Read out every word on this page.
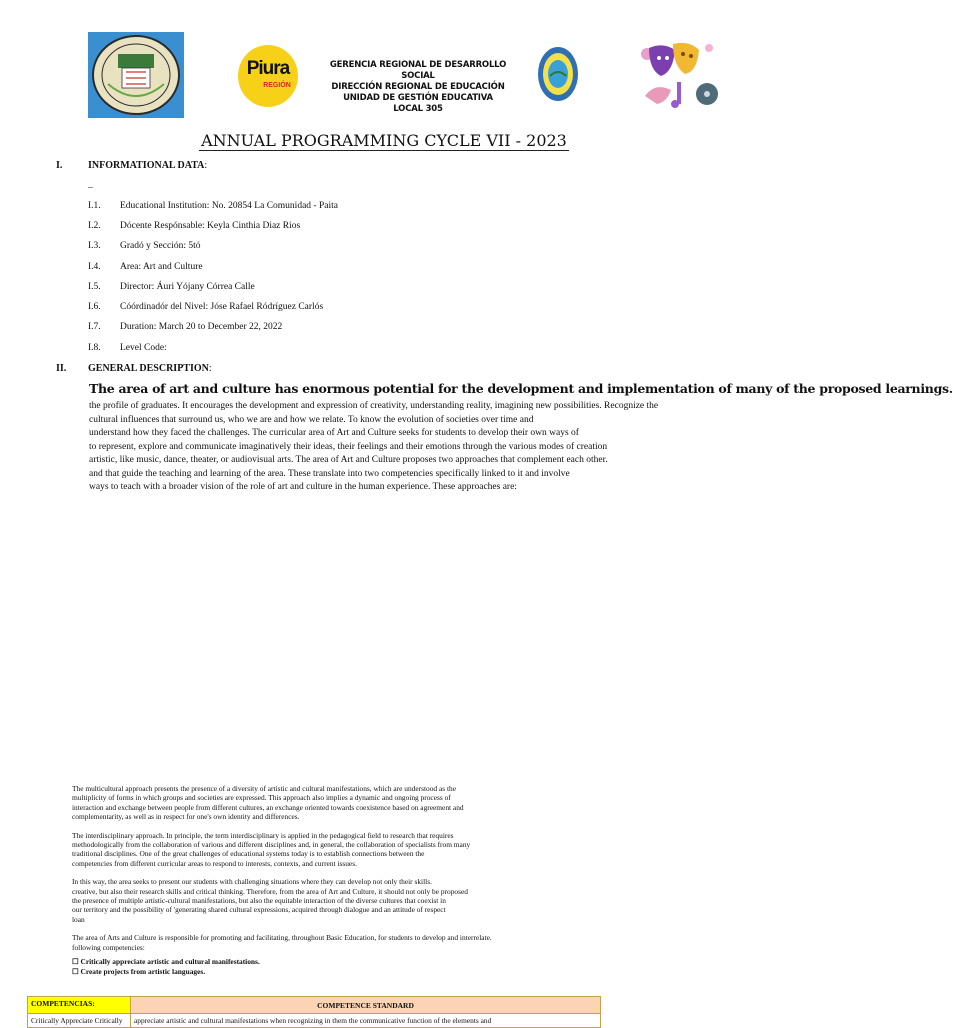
Piura
REGIÓN
GERENCIA REGIONAL DE DESARROLLO SOCIAL
DIRECCIÓN REGIONAL DE EDUCACIÓN
UNIDAD DE GESTIÓN EDUCATIVA LOCAL 305
ANNUAL PROGRAMMING CYCLE VII - 2023
I.	INFORMATIONAL DATA:
_
I.1. Educational Institution: No. 20854 La Comunidad - Paita
I.2. Dócente Respónsable: Keyla Cinthia Diaz Rios
I.3. Gradó y Sección: 5tó
I.4. Area: Art and Culture
I.5. Director: Áuri Yójany Córrea Calle
I.6. Cóórdinadór del Nivel: Jóse Rafael Ródríguez Carlós
I.7. Duration: March 20 to December 22, 2022
I.8. Level Code:
II. GENERAL DESCRIPTION:
The area of art and culture has enormous potential for the development and implementation of many of the proposed learnings.
the profile of graduates. It encourages the development and expression of creativity, understanding reality, imagining new possibilities. Recognize the
cultural influences that surround us, who we are and how we relate. To know the evolution of societies over time and
understand how they faced the challenges. The curricular area of Art and Culture seeks for students to develop their own ways of
to represent, explore and communicate imaginatively their ideas, their feelings and their emotions through the various modes of creation
artistic, like music, dance, theater, or audiovisual arts. The area of Art and Culture proposes two approaches that complement each other.
and that guide the teaching and learning of the area. These translate into two competencies specifically linked to it and involve
ways to teach with a broader vision of the role of art and culture in the human experience. These approaches are:

The multicultural approach presents the presence of a diversity of artistic and cultural manifestations, which are understood as the
multiplicity of forms in which groups and societies are expressed. This approach also implies a dynamic and ongoing process of
interaction and exchange between people from different cultures, an exchange oriented towards coexistence based on agreement and
complementarity, as well as in respect for one's own identity and differences.

The interdisciplinary approach. In principle, the term interdisciplinary is applied in the pedagogical field to research that requires
methodologically from the collaboration of various and different disciplines and, in general, the collaboration of specialists from many
traditional disciplines. One of the great challenges of educational systems today is to establish connections between the
competencies from different curricular areas to respond to interests, contexts, and current issues.

In this way, the area seeks to present our students with challenging situations where they can develop not only their skills.
creative, but also their research skills and critical thinking. Therefore, from the area of Art and Culture, it should not only be proposed
the presence of multiple artistic-cultural manifestations, but also the equitable interaction of the diverse cultures that coexist in
our territory and the possibility of 'generating shared cultural expressions, acquired through dialogue and an attitude of respect
loan

The area of Arts and Culture is responsible for promoting and facilitating, throughout Basic Education, for students to develop and interrelate.
following competencies:

☐ Critically appreciate artistic and cultural manifestations.
☐ Create projects from artistic languages.
COMPETENCIAS:	COMPETENCE STANDARD
Critically Appreciate Critically	appreciate artistic and cultural manifestations when recognizing in them the communicative function of the elements and
